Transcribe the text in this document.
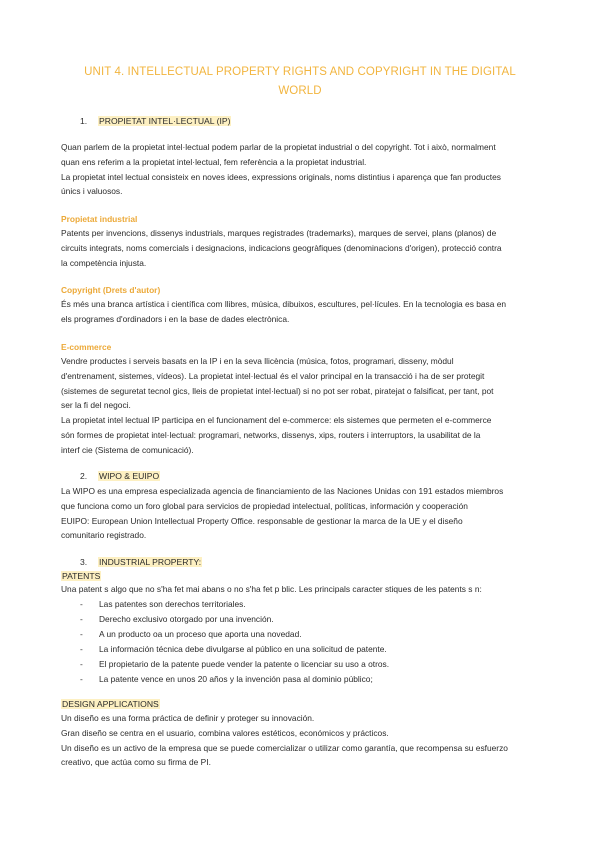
UNIT 4. INTELLECTUAL PROPERTY RIGHTS AND COPYRIGHT IN THE DIGITAL
WORLD
1. PROPIETAT INTEL·LECTUAL (IP)
Quan parlem de la propietat intel·lectual podem parlar de la propietat industrial o del copyright. Tot i això, normalment
quan ens referim a la propietat intel·lectual, fem referència a la propietat industrial.
La propietat intel lectual consisteix en noves idees, expressions originals, noms distintius i aparença que fan productes
únics i valuosos.
Propietat industrial
Patents per invencions, dissenys industrials, marques registrades (trademarks), marques de servei, plans (planos) de
circuits integrats, noms comercials i designacions, indicacions geogràfiques (denominacions d'origen), protecció contra
la competència injusta.
Copyright (Drets d'autor)
És més una branca artística i científica com llibres, música, dibuixos, escultures, pel·lícules. En la tecnologia es basa en
els programes d'ordinadors i en la base de dades electrònica.
E-commerce
Vendre productes i serveis basats en la IP i en la seva llicència (música, fotos, programari, disseny, mòdul
d'entrenament, sistemes, vídeos). La propietat intel·lectual és el valor principal en la transacció i ha de ser protegit
(sistemes de seguretat tecnol gics, lleis de propietat intel·lectual) si no pot ser robat, piratejat o falsificat, per tant, pot
ser la fi del negoci.
La propietat intel lectual IP participa en el funcionament del e-commerce: els sistemes que permeten el e-commerce
són formes de propietat intel·lectual: programari, networks, dissenys, xips, routers i interruptors, la usabilitat de la
interf cie (Sistema de comunicació).
2. WIPO & EUIPO
La WIPO es una empresa especializada agencia de financiamiento de las Naciones Unidas con 191 estados miembros
que funciona como un foro global para servicios de propiedad intelectual, políticas, información y cooperación
EUIPO: European Union Intellectual Property Office. responsable de gestionar la marca de la UE y el diseño
comunitario registrado.
3. INDUSTRIAL PROPERTY:
PATENTS
Una patent s algo que no s'ha fet mai abans o no s'ha fet p blic. Les principals caracter stiques de les patents s n:
- Las patentes son derechos territoriales.
- Derecho exclusivo otorgado por una invención.
- A un producto oa un proceso que aporta una novedad.
- La información técnica debe divulgarse al público en una solicitud de patente.
- El propietario de la patente puede vender la patente o licenciar su uso a otros.
- La patente vence en unos 20 años y la invención pasa al dominio público;
DESIGN APPLICATIONS
Un diseño es una forma práctica de definir y proteger su innovación.
Gran diseño se centra en el usuario, combina valores estéticos, económicos y prácticos.
Un diseño es un activo de la empresa que se puede comercializar o utilizar como garantía, que recompensa su esfuerzo
creativo, que actúa como su firma de PI.
